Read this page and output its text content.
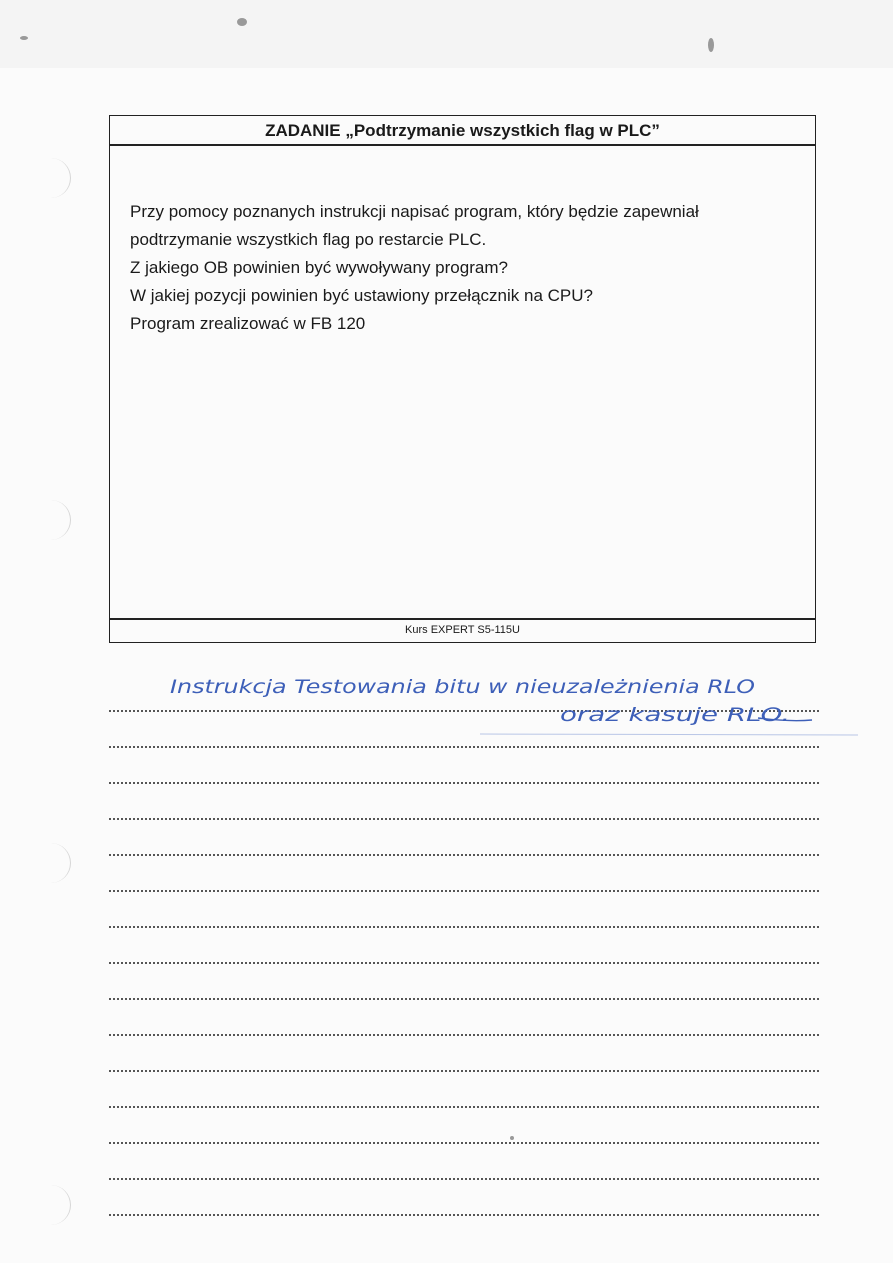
ZADANIE „Podtrzymanie wszystkich flag w PLC”

Przy pomocy poznanych instrukcji napisać program, który będzie zapewniał podtrzymanie wszystkich flag po restarcie PLC.

Z jakiego OB powinien być wywoływany program?

W jakiej pozycji powinien być ustawiony przełącznik na CPU?

Program zrealizować w FB 120

Kurs EXPERT S5-115U
Instrukcja Testowania bitu w nieuzależnienia RLO
oraz kasuje RLO.
